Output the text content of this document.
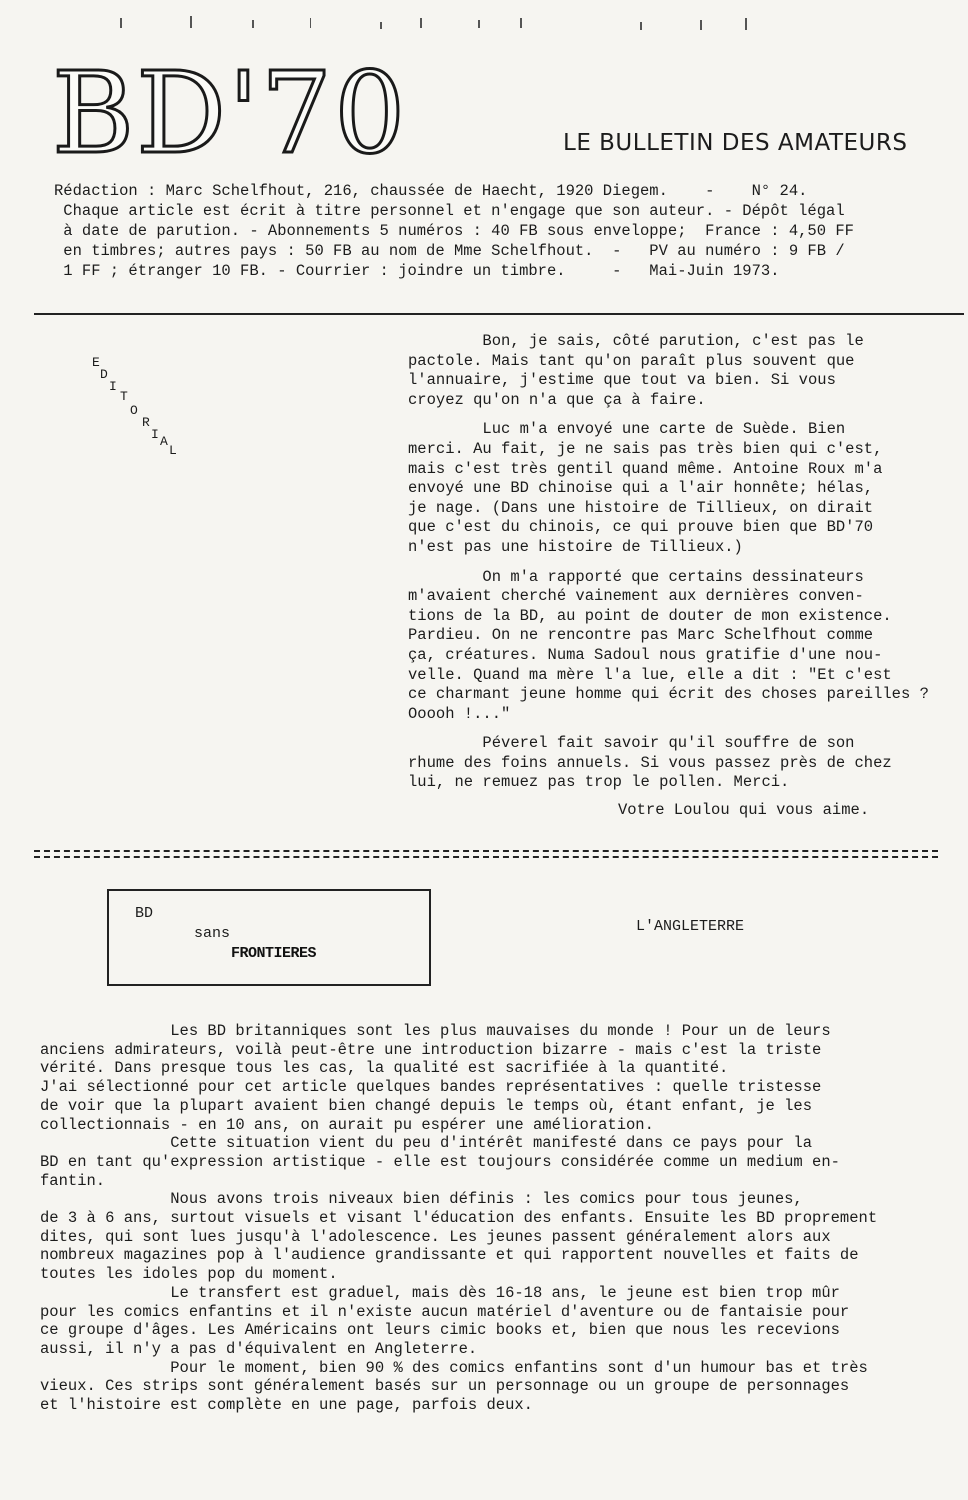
BD'70	LE BULLETIN DES AMATEURS
Rédaction : Marc Schelfhout, 216, chaussée de Haecht, 1920 Diegem.    -    N° 24.
Chaque article est écrit à titre personnel et n'engage que son auteur. - Dépôt légal
à date de parution. - Abonnements 5 numéros : 40 FB sous enveloppe;  France : 4,50 FF
en timbres; autres pays : 50 FB au nom de Mme Schelfhout.  -   PV au numéro : 9 FB /
1 FF ; étranger 10 FB. - Courrier : joindre un timbre.     -   Mai-Juin 1973.
E
D
I
T
O
R
I A
L

Bon, je sais, côté parution, c'est pas le
pactole. Mais tant qu'on paraît plus souvent que
l'annuaire, j'estime que tout va bien. Si vous
croyez qu'on n'a que ça à faire.

Luc m'a envoyé une carte de Suède. Bien
merci. Au fait, je ne sais pas très bien qui c'est,
mais c'est très gentil quand même. Antoine Roux m'a
envoyé une BD chinoise qui a l'air honnête; hélas,
je nage. (Dans une histoire de Tillieux, on dirait
que c'est du chinois, ce qui prouve bien que BD'70
n'est pas une histoire de Tillieux.)

On m'a rapporté que certains dessinateurs
m'avaient cherché vainement aux dernières conven-
tions de la BD, au point de douter de mon existence.
Pardieu. On ne rencontre pas Marc Schelfhout comme
ça, créatures. Numa Sadoul nous gratifie d'une nou-
velle. Quand ma mère l'a lue, elle a dit : "Et c'est
ce charmant jeune homme qui écrit des choses pareilles ?
Ooooh !..."

Péverel fait savoir qu'il souffre de son
rhume des foins annuels. Si vous passez près de chez
lui, ne remuez pas trop le pollen. Merci.

Votre Loulou qui vous aime.
BD
sans
FRONTIERES
L'ANGLETERRE
Les BD britanniques sont les plus mauvaises du monde ! Pour un de leurs
anciens admirateurs, voilà peut-être une introduction bizarre - mais c'est la triste
vérité. Dans presque tous les cas, la qualité est sacrifiée à la quantité.
J'ai sélectionné pour cet article quelques bandes représentatives : quelle tristesse
de voir que la plupart avaient bien changé depuis le temps où, étant enfant, je les
collectionnais - en 10 ans, on aurait pu espérer une amélioration.
Cette situation vient du peu d'intérêt manifesté dans ce pays pour la
BD en tant qu'expression artistique - elle est toujours considérée comme un medium en-
fantin.
Nous avons trois niveaux bien définis : les comics pour tous jeunes,
de 3 à 6 ans, surtout visuels et visant l'éducation des enfants. Ensuite les BD proprement
dites, qui sont lues jusqu'à l'adolescence. Les jeunes passent généralement alors aux
nombreux magazines pop à l'audience grandissante et qui rapportent nouvelles et faits de
toutes les idoles pop du moment.
Le transfert est graduel, mais dès 16-18 ans, le jeune est bien trop mûr
pour les comics enfantins et il n'existe aucun matériel d'aventure ou de fantaisie pour
ce groupe d'âges. Les Américains ont leurs cimic books et, bien que nous les recevions
aussi, il n'y a pas d'équivalent en Angleterre.
Pour le moment, bien 90 % des comics enfantins sont d'un humour bas et très
vieux. Ces strips sont généralement basés sur un personnage ou un groupe de personnages
et l'histoire est complète en une page, parfois deux.
